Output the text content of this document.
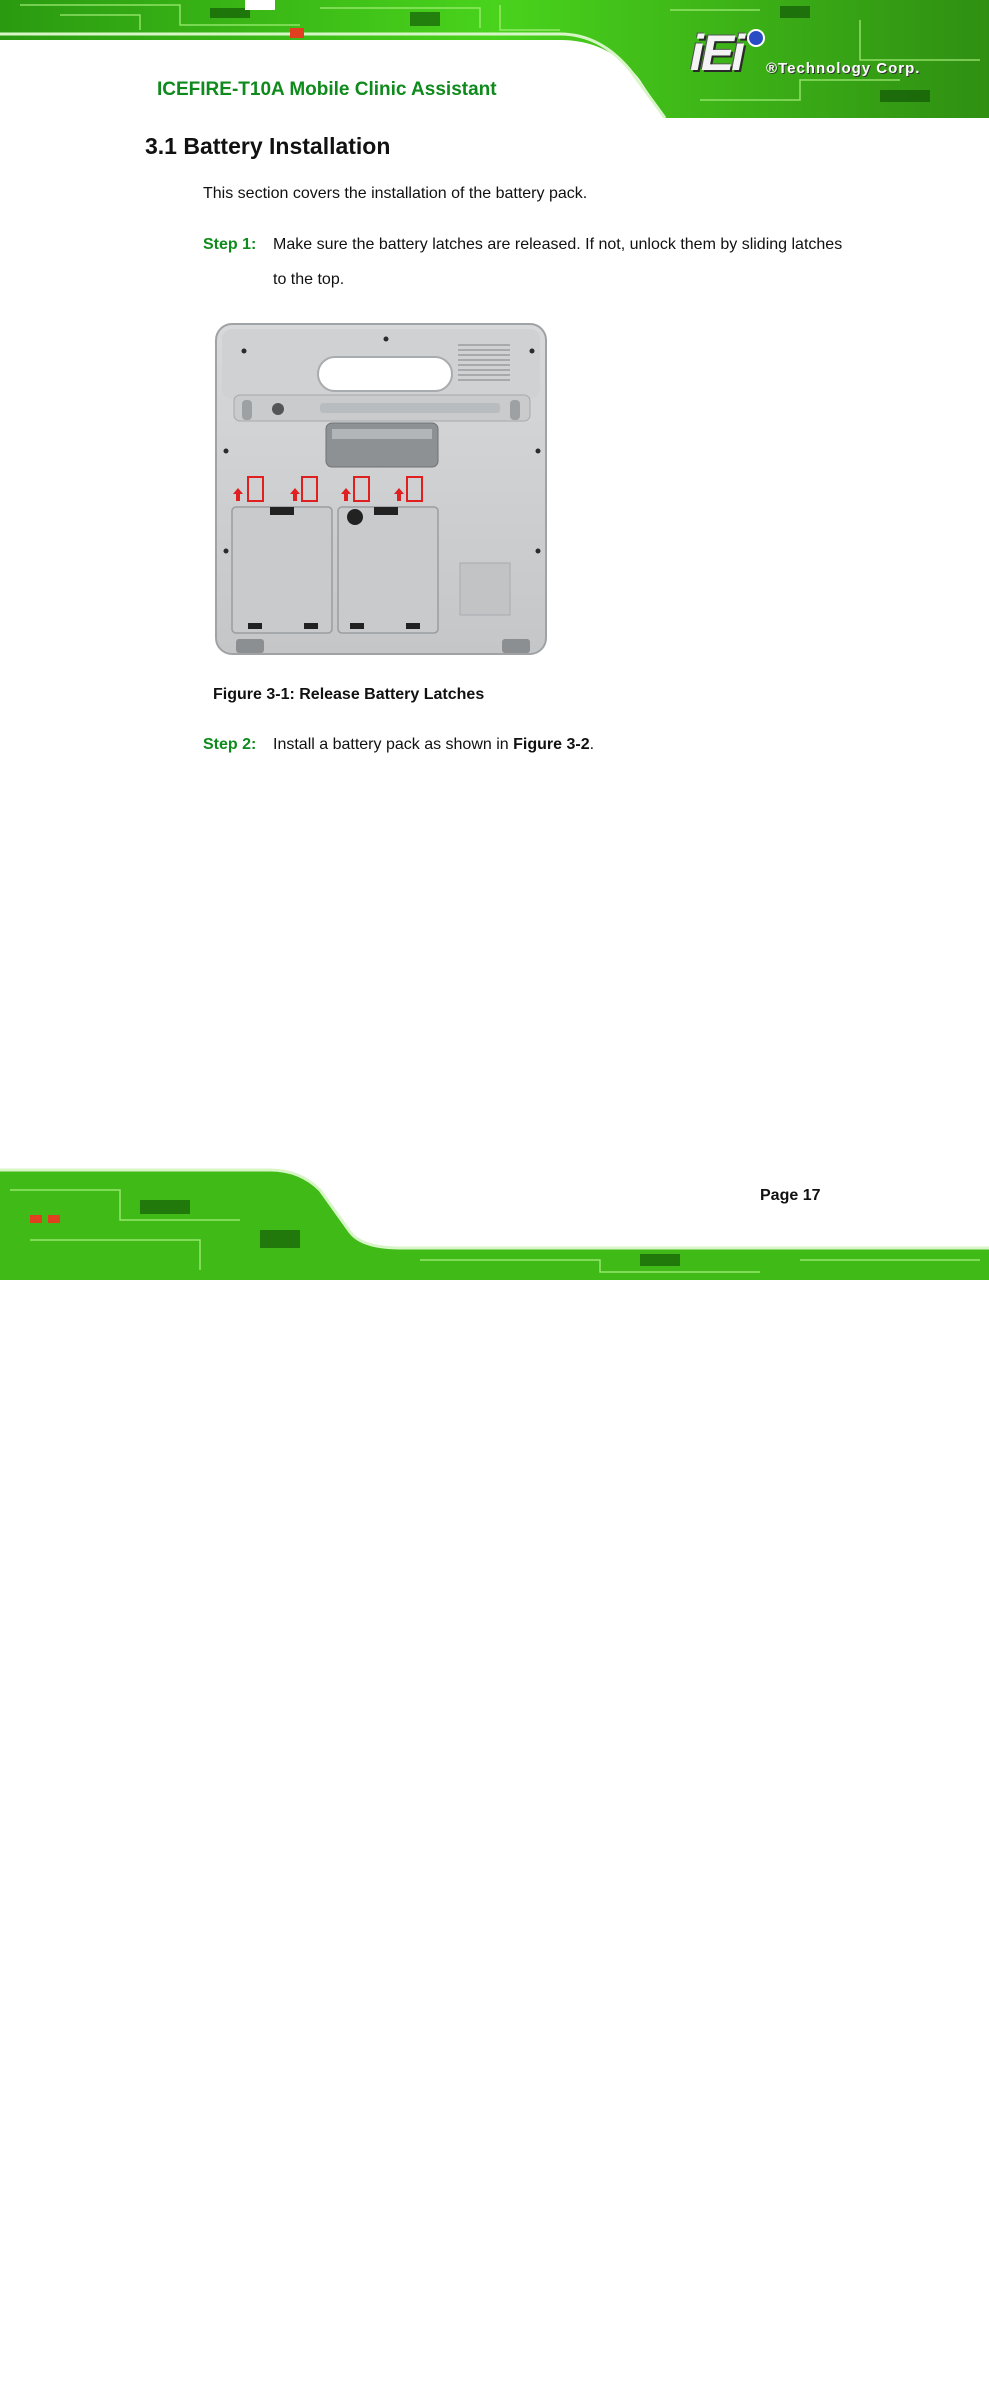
ICEFIRE-T10A Mobile Clinic Assistant
iEi ®Technology Corp.
3.1 Battery Installation
This section covers the installation of the battery pack.
Step 1: Make sure the battery latches are released. If not, unlock them by sliding latches
to the top.
Figure 3-1: Release Battery Latches
Step 2: Install a battery pack as shown in Figure 3-2.
Bai 经验
jingyan.baidu.com
Page 17
